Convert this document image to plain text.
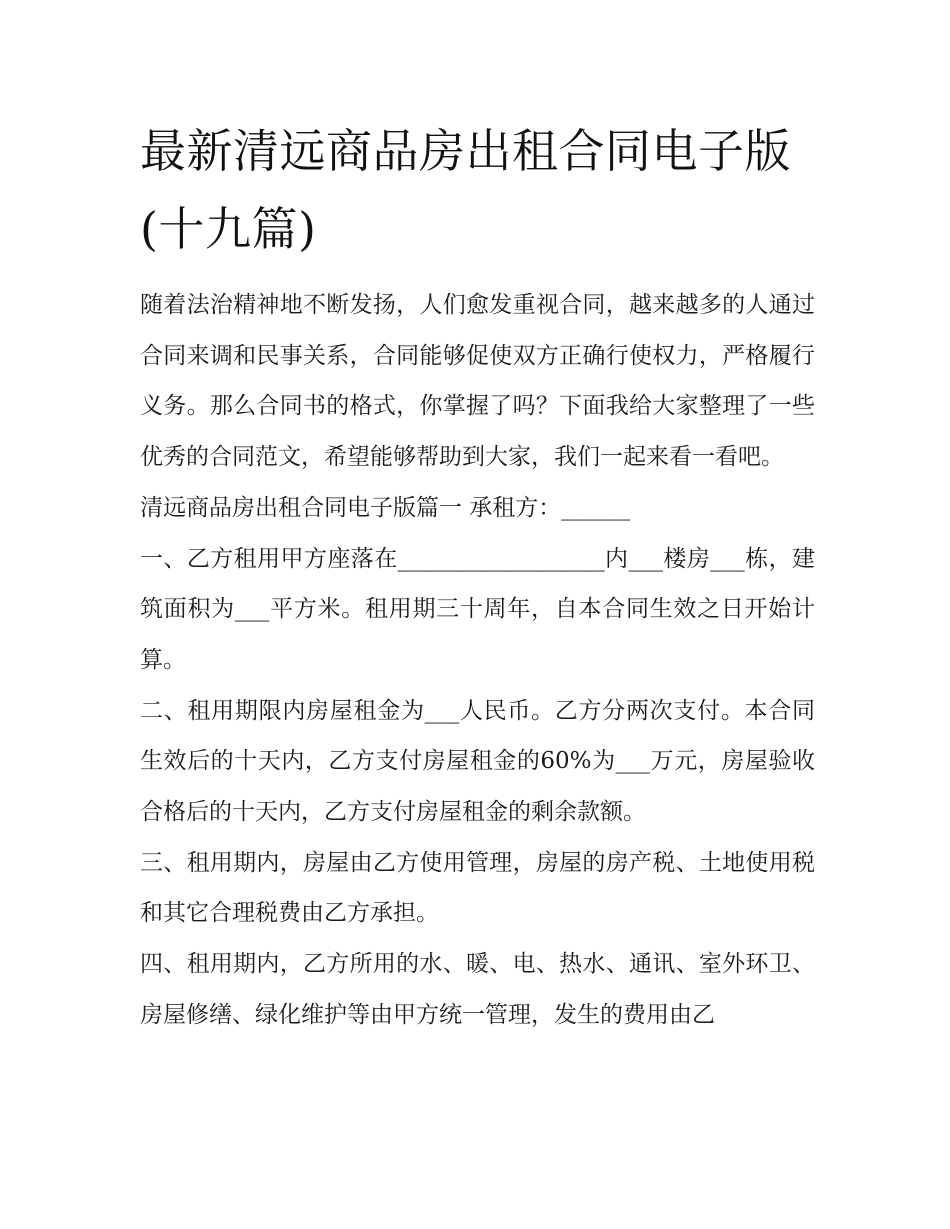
最新清远商品房出租合同电子版(十九篇)

随着法治精神地不断发扬，人们愈发重视合同，越来越多的人通过合同来调和民事关系，合同能够促使双方正确行使权力，严格履行义务。那么合同书的格式，你掌握了吗？下面我给大家整理了一些优秀的合同范文，希望能够帮助到大家，我们一起来看一看吧。

清远商品房出租合同电子版篇一 承租方：______

一、乙方租用甲方座落在__________________内___楼房___栋，建筑面积为___平方米。租用期三十周年，自本合同生效之日开始计算。

二、租用期限内房屋租金为___人民币。乙方分两次支付。本合同生效后的十天内，乙方支付房屋租金的60%为___万元，房屋验收合格后的十天内，乙方支付房屋租金的剩余款额。

三、租用期内，房屋由乙方使用管理，房屋的房产税、土地使用税和其它合理税费由乙方承担。

四、租用期内，乙方所用的水、暖、电、热水、通讯、室外环卫、房屋修缮、绿化维护等由甲方统一管理，发生的费用由乙
